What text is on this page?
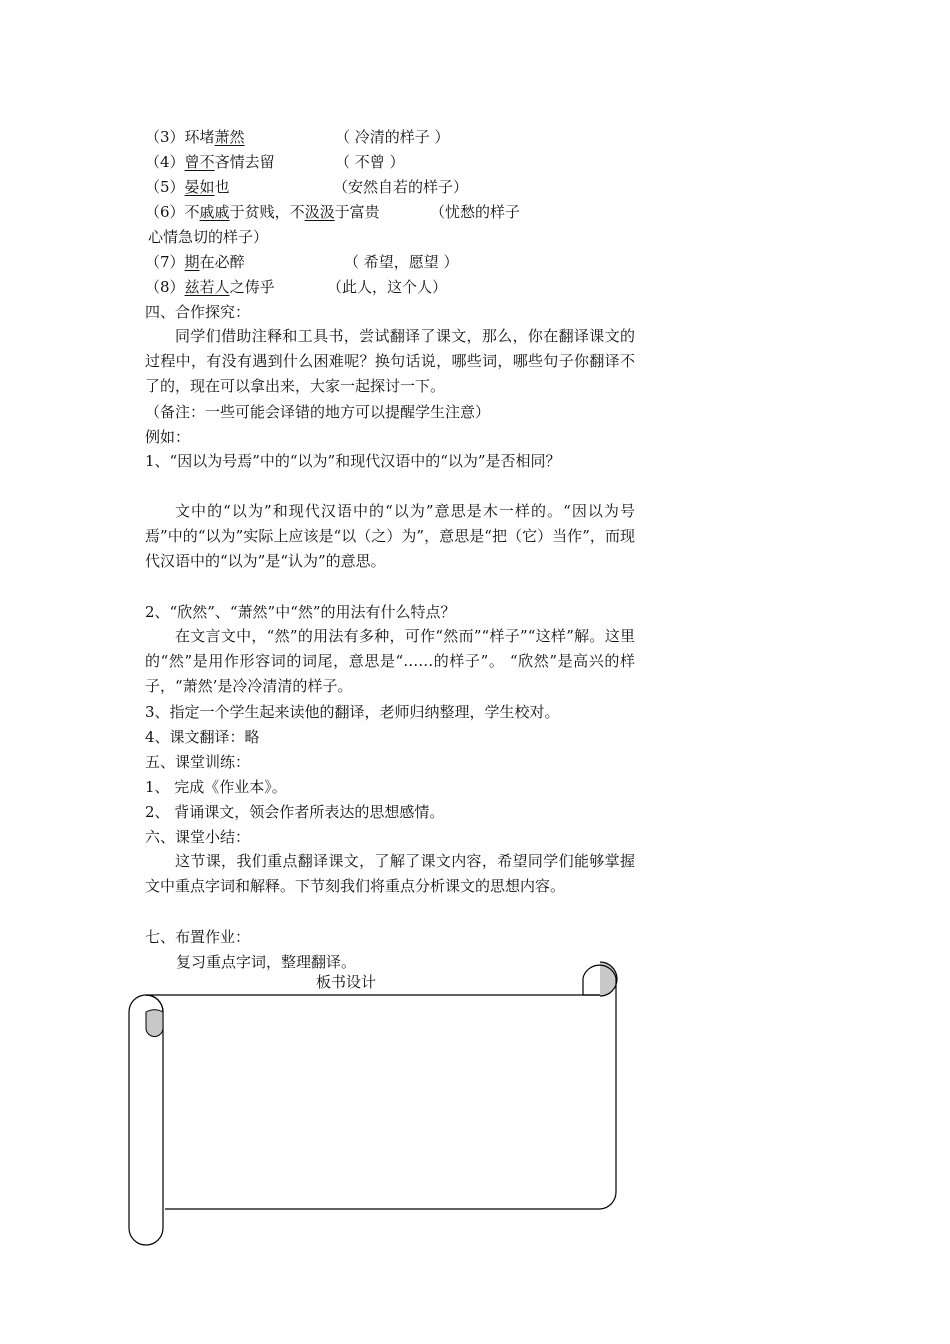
（3）环堵萧然	（ 冷清的样子 ）
（4）曾不吝情去留	（ 不曾 ）
（5）晏如也	（安然自若的样子）
（6）不戚戚于贫贱，不汲汲于富贵	（忧愁的样子
心情急切的样子）
（7）期在必醉	（ 希望，愿望 ）
（8）兹若人之俦乎	（此人，这个人）
四、合作探究：
同学们借助注释和工具书，尝试翻译了课文，那么，你在翻译课文的过程中，有没有遇到什么困难呢？换句话说，哪些词，哪些句子你翻译不了的，现在可以拿出来，大家一起探讨一下。
（备注：一些可能会译错的地方可以提醒学生注意）
例如：
1、“因以为号焉”中的“以为”和现代汉语中的“以为”是否相同？
文中的“以为”和现代汉语中的“以为”意思是木一样的。“因以为号焉”中的“以为”实际上应该是“以（之）为”，意思是“把（它）当作”，而现代汉语中的“以为”是“认为”的意思。
2、“欣然”、“萧然”中“然”的用法有什么特点？
在文言文中，“然”的用法有多种，可作“然而”“样子”“这样”解。这里的“然”是用作形容词的词尾，意思是“……的样子”。 “欣然”是高兴的样子，“萧然’是冷冷清清的样子。
3、指定一个学生起来读他的翻译，老师归纳整理，学生校对。
4、课文翻译：略
五、课堂训练：
1、 完成《作业本》。
2、 背诵课文，领会作者所表达的思想感情。
六、课堂小结：
这节课，我们重点翻译课文，了解了课文内容，希望同学们能够掌握文中重点字词和解释。下节刻我们将重点分析课文的思想内容。
七、布置作业：
复习重点字词，整理翻译。
板书设计
